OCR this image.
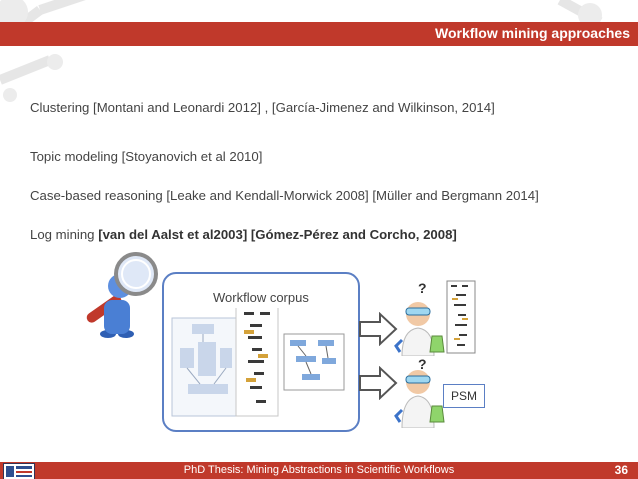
Workflow mining approaches
Clustering [Montani and Leonardi 2012] , [García-Jimenez and Wilkinson, 2014]
Topic modeling [Stoyanovich et al 2010]
Case-based reasoning [Leake and Kendall-Morwick 2008] [Müller and Bergmann 2014]
Log mining [van del Aalst et al2003] [Gómez-Pérez and Corcho, 2008]
Workflow corpus
?
?
PSM
PhD Thesis: Mining Abstractions in Scientific Workflows	36
